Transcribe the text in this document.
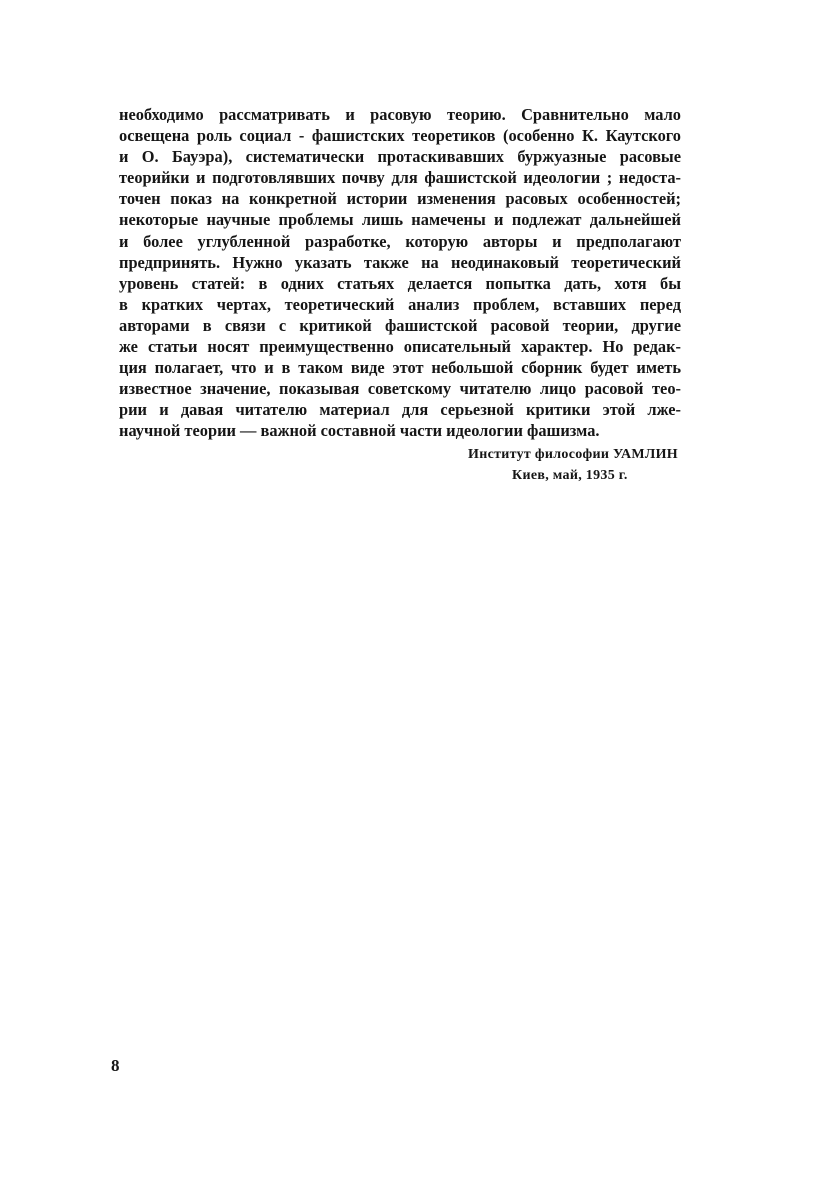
необходимо рассматривать и расовую теорию. Сравнительно мало
освещена роль социал - фашистских теоретиков (особенно К. Каутского
и О. Бауэра), систематически протаскивавших буржуазные расовые
теорийки и подготовлявших почву для фашистской идеологии ; недоста-
точен показ на конкретной истории изменения расовых особенностей;
некоторые научные проблемы лишь намечены и подлежат дальнейшей
и более углубленной разработке, которую авторы и предполагают
предпринять. Нужно указать также на неодинаковый теоретический
уровень статей: в одних статьях делается попытка дать, хотя бы
в кратких чертах, теоретический анализ проблем, вставших перед
авторами в связи с критикой фашистской расовой теории, другие
же статьи носят преимущественно описательный характер. Но редак-
ция полагает, что и в таком виде этот небольшой сборник будет иметь
известное значение, показывая советскому читателю лицо расовой тео-
рии и давая читателю материал для серьезной критики этой лже-
научной теории — важной составной части идеологии фашизма.
Институт философии УАМЛИН
Киев, май, 1935 г.
8
